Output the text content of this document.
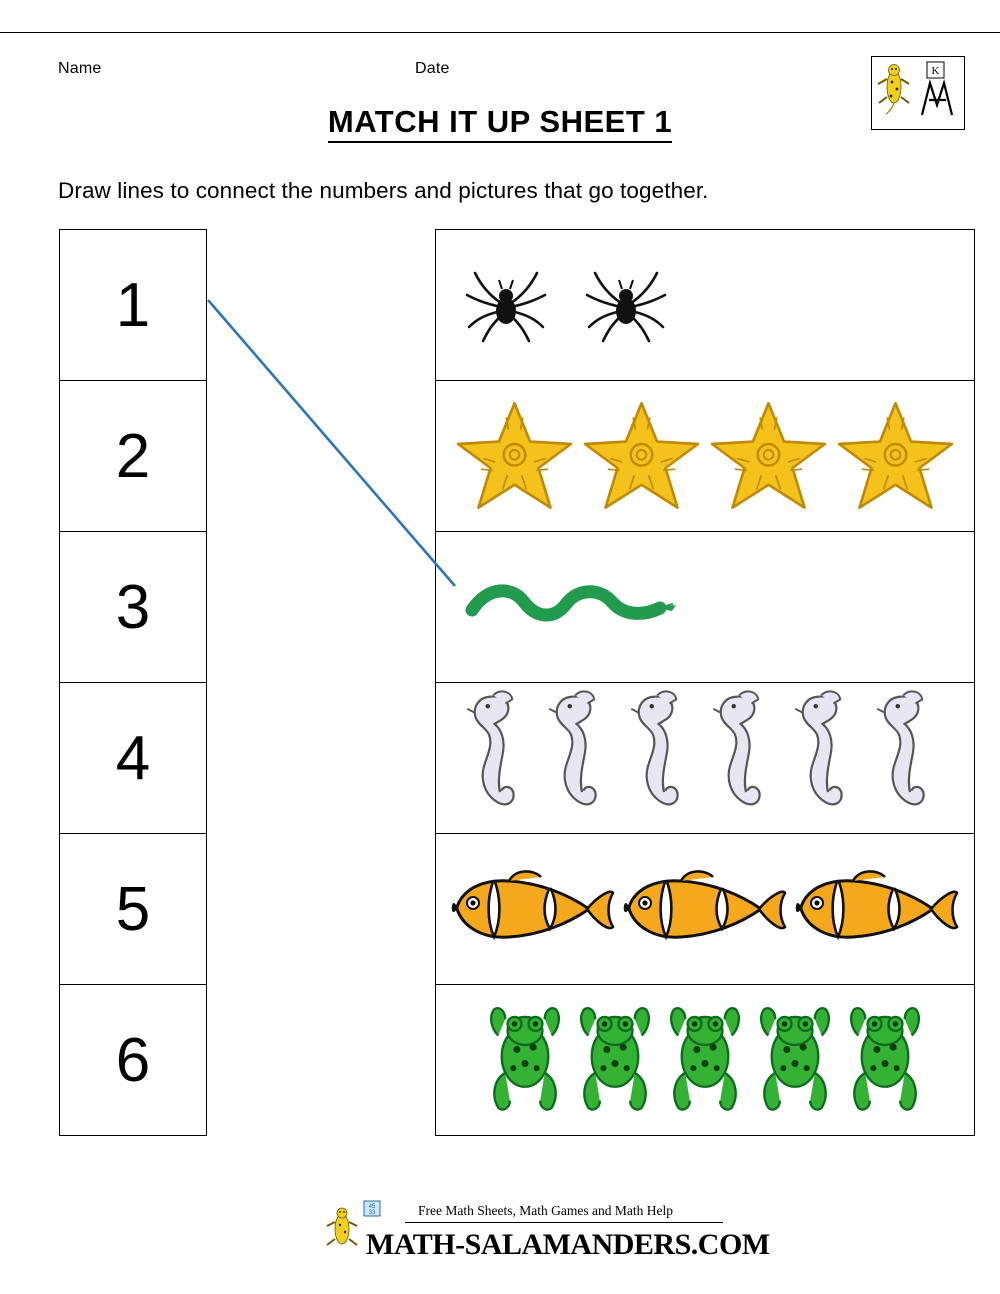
Name	Date	K
MATCH IT UP SHEET 1
Draw lines to connect the numbers and pictures that go together.
1
2
3
4
5
6
45
33	Free Math Sheets, Math Games and Math Help
MATH-SALAMANDERS.COM
